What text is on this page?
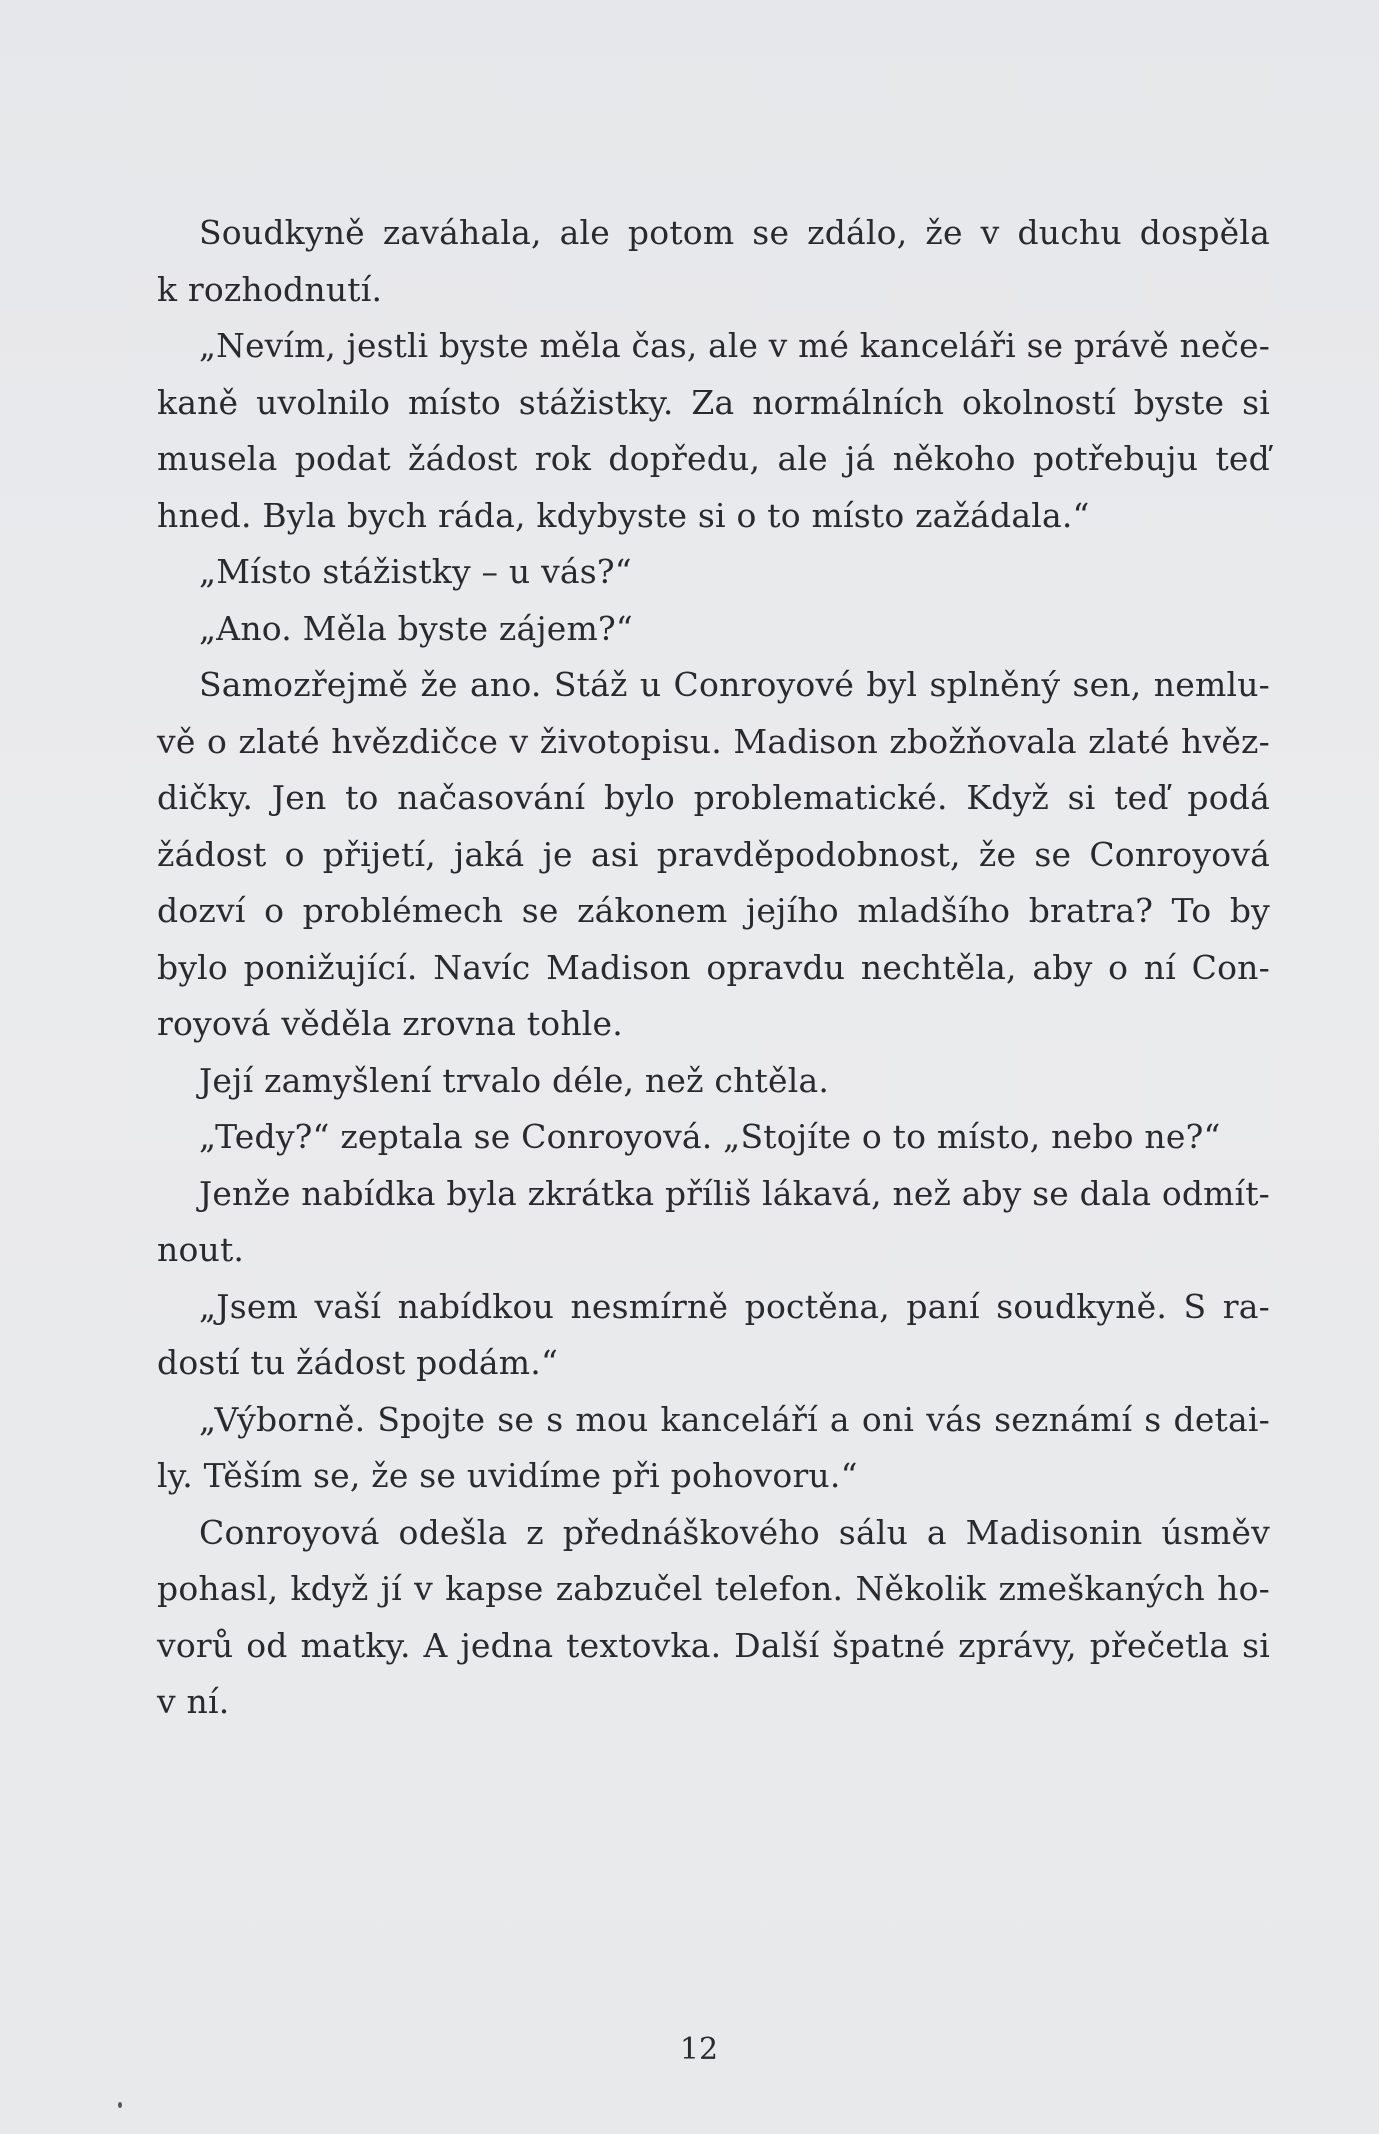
Soudkyně zaváhala, ale potom se zdálo, že v duchu dospěla
k rozhodnutí.
„Nevím, jestli byste měla čas, ale v mé kanceláři se právě neče-
kaně uvolnilo místo stážistky. Za normálních okolností byste si
musela podat žádost rok dopředu, ale já někoho potřebuju teď
hned. Byla bych ráda, kdybyste si o to místo zažádala.“
„Místo stážistky – u vás?“
„Ano. Měla byste zájem?“
Samozřejmě že ano. Stáž u Conroyové byl splněný sen, nemlu-
vě o zlaté hvězdičce v životopisu. Madison zbožňovala zlaté hvěz-
dičky. Jen to načasování bylo problematické. Když si teď podá
žádost o přijetí, jaká je asi pravděpodobnost, že se Conroyová
dozví o problémech se zákonem jejího mladšího bratra? To by
bylo ponižující. Navíc Madison opravdu nechtěla, aby o ní Con-
royová věděla zrovna tohle.
Její zamyšlení trvalo déle, než chtěla.
„Tedy?“ zeptala se Conroyová. „Stojíte o to místo, nebo ne?“
Jenže nabídka byla zkrátka příliš lákavá, než aby se dala odmít-
nout.
„Jsem vaší nabídkou nesmírně poctěna, paní soudkyně. S ra-
dostí tu žádost podám.“
„Výborně. Spojte se s mou kanceláří a oni vás seznámí s detai-
ly. Těším se, že se uvidíme při pohovoru.“
Conroyová odešla z přednáškového sálu a Madisonin úsměv
pohasl, když jí v kapse zabzučel telefon. Několik zmeškaných ho-
vorů od matky. A jedna textovka. Další špatné zprávy, přečetla si
v ní.
12
